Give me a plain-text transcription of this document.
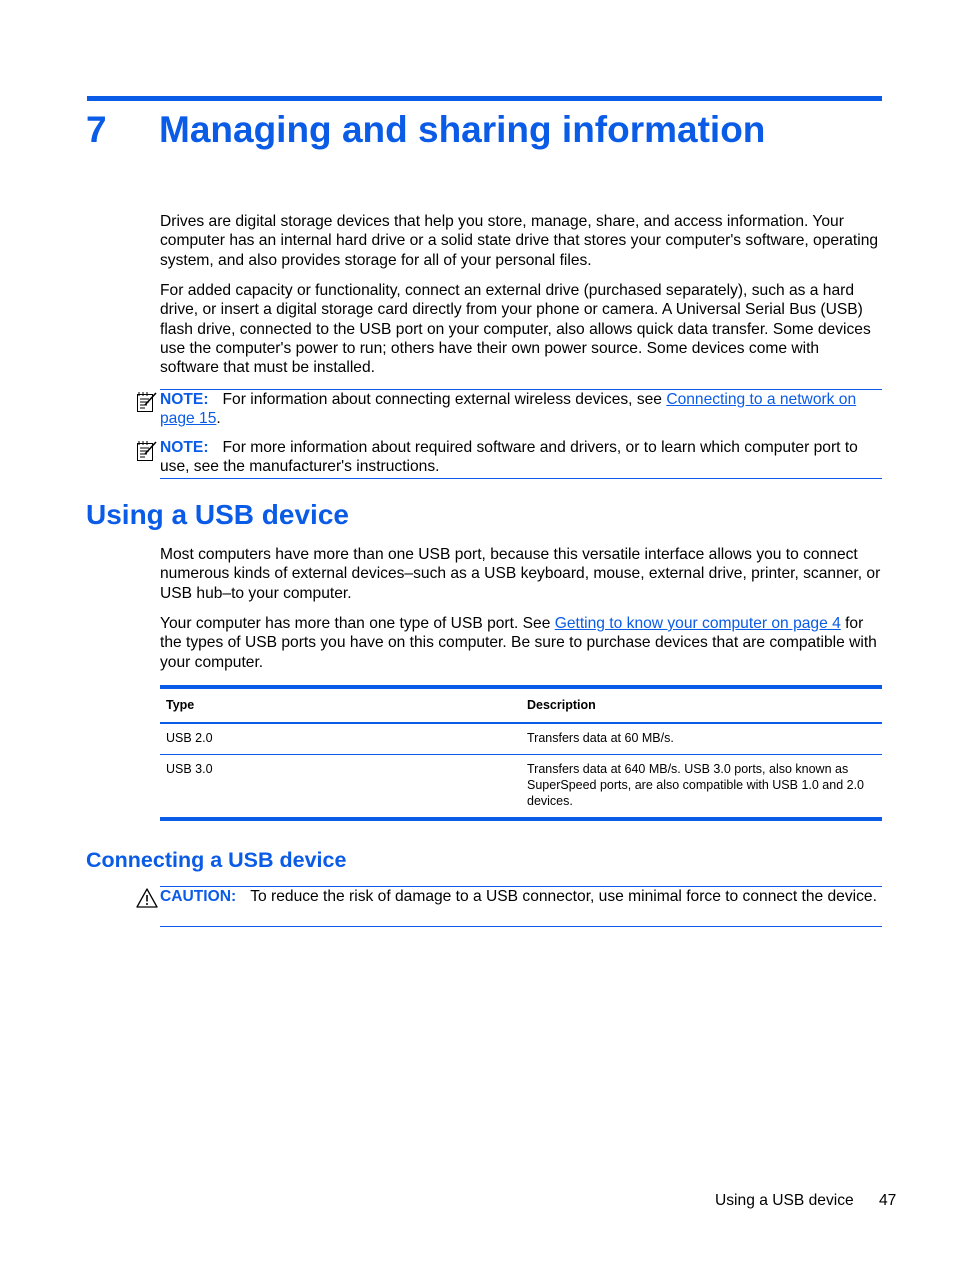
7 Managing and sharing information

Drives are digital storage devices that help you store, manage, share, and access information. Your computer has an internal hard drive or a solid state drive that stores your computer's software, operating system, and also provides storage for all of your personal files.

For added capacity or functionality, connect an external drive (purchased separately), such as a hard drive, or insert a digital storage card directly from your phone or camera. A Universal Serial Bus (USB) flash drive, connected to the USB port on your computer, also allows quick data transfer. Some devices use the computer's power to run; others have their own power source. Some devices come with software that must be installed.

NOTE: For information about connecting external wireless devices, see Connecting to a network on page 15.
NOTE: For more information about required software and drivers, or to learn which computer port to use, see the manufacturer's instructions.
Using a USB device

Most computers have more than one USB port, because this versatile interface allows you to connect numerous kinds of external devices–such as a USB keyboard, mouse, external drive, printer, scanner, or USB hub–to your computer.

Your computer has more than one type of USB port. See Getting to know your computer on page 4 for the types of USB ports you have on this computer. Be sure to purchase devices that are compatible with your computer.

Type	Description
USB 2.0	Transfers data at 60 MB/s.
USB 3.0	Transfers data at 640 MB/s. USB 3.0 ports, also known as SuperSpeed ports, are also compatible with USB 1.0 and 2.0 devices.
Connecting a USB device
CAUTION: To reduce the risk of damage to a USB connector, use minimal force to connect the device.
Using a USB device 47
